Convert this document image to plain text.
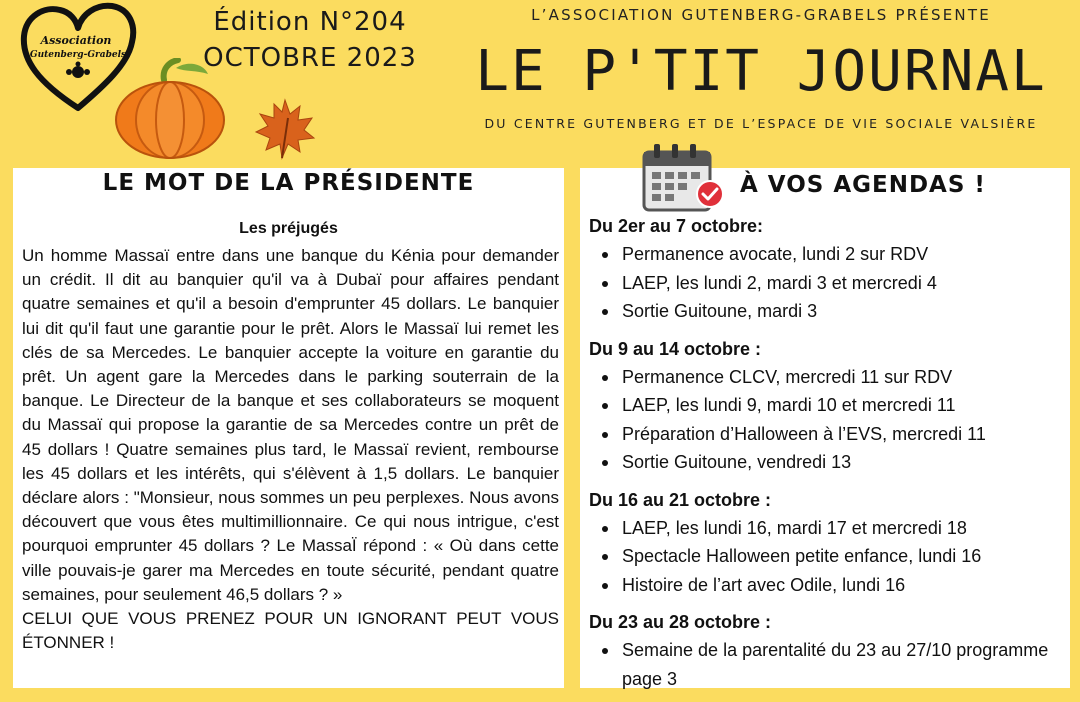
Association
Gutenberg-Grabels
Édition N°204
OCTOBRE 2023
L’ASSOCIATION GUTENBERG-GRABELS PRÉSENTE
LE P'TIT JOURNAL
DU CENTRE GUTENBERG ET DE L’ESPACE DE VIE SOCIALE VALSIÈRE
LE MOT DE LA PRÉSIDENTE
Les préjugés

Un homme Massaï entre dans une banque du Kénia pour demander un crédit. Il dit au banquier qu'il va à Dubaï pour affaires pendant quatre semaines et qu'il a besoin d'emprunter 45 dollars. Le banquier lui dit qu'il faut une garantie pour le prêt. Alors le Massaï lui remet les clés de sa Mercedes. Le banquier accepte la voiture en garantie du prêt. Un agent gare la Mercedes dans le parking souterrain de la banque. Le Directeur de la banque et ses collaborateurs se moquent du Massaï qui propose la garantie de sa Mercedes contre un prêt de 45 dollars ! Quatre semaines plus tard, le Massaï revient, rembourse les 45 dollars et les intérêts, qui s'élèvent à 1,5 dollars. Le banquier déclare alors : "Monsieur, nous sommes un peu perplexes. Nous avons découvert que vous êtes multimillionnaire. Ce qui nous intrigue, c'est pourquoi emprunter 45 dollars ? Le MassaÏ répond : « Où dans cette ville pouvais-je garer ma Mercedes en toute sécurité, pendant quatre semaines, pour seulement 46,5 dollars ? »

CELUI QUE VOUS PRENEZ POUR UN IGNORANT PEUT VOUS ÉTONNER !

À VOS AGENDAS !
Du 2er au 7 octobre:
Permanence avocate, lundi 2 sur RDV
LAEP, les lundi 2, mardi 3 et mercredi 4
Sortie Guitoune, mardi 3
Du 9 au 14 octobre :
Permanence CLCV, mercredi 11 sur RDV
LAEP, les lundi 9, mardi 10 et mercredi 11
Préparation d’Halloween à l’EVS, mercredi 11
Sortie Guitoune, vendredi 13
Du 16 au 21 octobre :
LAEP, les lundi 16, mardi 17 et mercredi 18
Spectacle Halloween petite enfance, lundi 16
Histoire de l’art avec Odile, lundi 16
Du 23 au 28 octobre :
Semaine de la parentalité du 23 au 27/10 programme page 3
